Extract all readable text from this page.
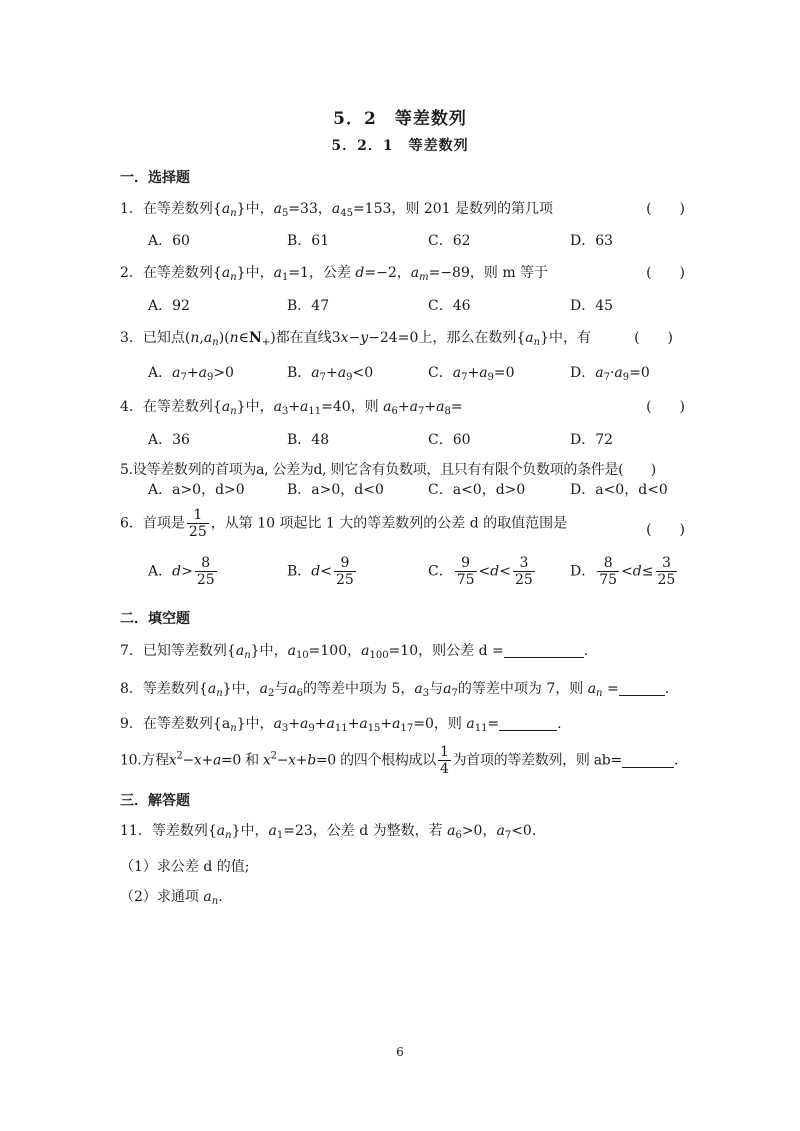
5．2　等差数列
5．2．1　等差数列
一．选择题
1．在等差数列$\{a_n\}$中，$a_5=33$，$a_{45}=153$，则 201 是数列的第几项	(　　)
A．60	B．61	C．62	D．63
2．在等差数列$\{a_n\}$中，$a_1=1$，公差 d=−2，$a_m=-89$，则 m 等于	(　　)
A．92	B．47	C．46	D．45
3．已知点$(n,a_n)(n\in N_+)$都在直线3x−y−24=0上，那么在数列$\{a_n\}$中，有	(　　)
A．$a_7+a_9>0$	B．$a_7+a_9<0$	C．$a_7+a_9=0$	D．$a_7\cdot a_9=0$
4．在等差数列$\{a_n\}$中，$a_3+a_{11}=40$，则 $a_6+a_7+a_8=$	(　　)
A．36	B．48	C．60	D．72
5.设等差数列的首项为a, 公差为d, 则它含有负数项，且只有有限个负数项的条件是(　　)
A．a>0，d>0	B．a>0，d<0	C．a<0，d>0	D．a<0，d<0
6．首项是 $\frac{1}{25}$ ，从第 10 项起比 1 大的等差数列的公差 d 的取值范围是	(　　)
A．$d> \frac{8}{25}$	B．$d< \frac{9}{25}$	C． $\frac{9}{75} <d< \frac{3}{25}$	D． $\frac{8}{75} <d\le \frac{3}{25}$
二．填空题
7．已知等差数列$\{a_n\}$中，$a_{10}=100$，$a_{100}=10$，则公差 d =	.
8．等差数列$\{a_n\}$中，$a_2$与$a_6$的等差中项为 5，$a_3$与$a_7$的等差中项为 7，则 $a_n$ =	.
9．在等差数列$\{a_n\}$中，$a_3+a_9+a_{11}+a_{15}+a_{17}=0$，则 $a_{11}=$	.
10.方程$x^2-x+a=0$ 和 $x^2-x+b=0$ 的四个根构成以 $\frac{1}{4}$ 为首项的等差数列，则 ab=	.
三．解答题
11．等差数列$\{a_n\}$中，$a_1=23$，公差 d 为整数，若 $a_6>0$，$a_7<0$.
（1）求公差 d 的值;
（2）求通项 $a_n$.
6
